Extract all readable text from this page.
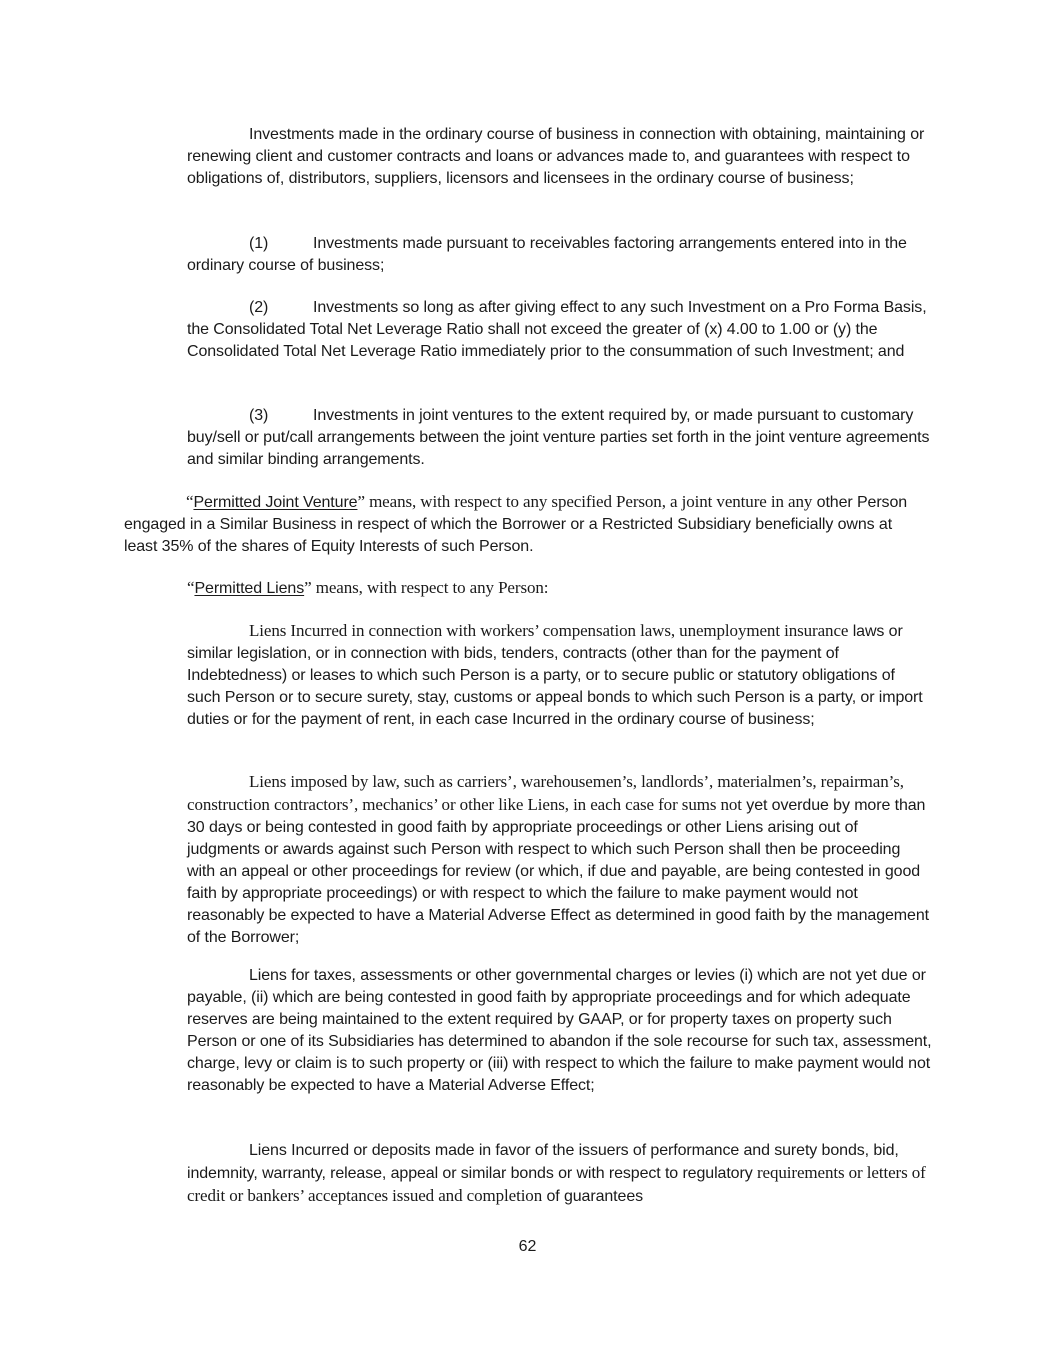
Investments made in the ordinary course of business in connection with obtaining, maintaining or renewing client and customer contracts and loans or advances made to, and guarantees with respect to obligations of, distributors, suppliers, licensors and licensees in the ordinary course of business;

(1)	Investments made pursuant to receivables factoring arrangements entered into in the ordinary course of business;

(2)	Investments so long as after giving effect to any such Investment on a Pro Forma Basis, the Consolidated Total Net Leverage Ratio shall not exceed the greater of (x) 4.00 to 1.00 or (y) the Consolidated Total Net Leverage Ratio immediately prior to the consummation of such Investment; and

(3)	Investments in joint ventures to the extent required by, or made pursuant to customary buy/sell or put/call arrangements between the joint venture parties set forth in the joint venture agreements and similar binding arrangements.

“Permitted Joint Venture” means, with respect to any specified Person, a joint venture in any other Person engaged in a Similar Business in respect of which the Borrower or a Restricted Subsidiary beneficially owns at least 35% of the shares of Equity Interests of such Person.

“Permitted Liens” means, with respect to any Person:

Liens Incurred in connection with workers’ compensation laws, unemployment insurance laws or similar legislation, or in connection with bids, tenders, contracts (other than for the payment of Indebtedness) or leases to which such Person is a party, or to secure public or statutory obligations of such Person or to secure surety, stay, customs or appeal bonds to which such Person is a party, or import duties or for the payment of rent, in each case Incurred in the ordinary course of business;

Liens imposed by law, such as carriers’, warehousemen’s, landlords’, materialmen’s, repairman’s, construction contractors’, mechanics’ or other like Liens, in each case for sums not yet overdue by more than 30 days or being contested in good faith by appropriate proceedings or other Liens arising out of judgments or awards against such Person with respect to which such Person shall then be proceeding with an appeal or other proceedings for review (or which, if due and payable, are being contested in good faith by appropriate proceedings) or with respect to which the failure to make payment would not reasonably be expected to have a Material Adverse Effect as determined in good faith by the management of the Borrower;

Liens for taxes, assessments or other governmental charges or levies (i) which are not yet due or payable, (ii) which are being contested in good faith by appropriate proceedings and for which adequate reserves are being maintained to the extent required by GAAP, or for property taxes on property such Person or one of its Subsidiaries has determined to abandon if the sole recourse for such tax, assessment, charge, levy or claim is to such property or (iii) with respect to which the failure to make payment would not reasonably be expected to have a Material Adverse Effect;

Liens Incurred or deposits made in favor of the issuers of performance and surety bonds, bid, indemnity, warranty, release, appeal or similar bonds or with respect to regulatory requirements or letters of credit or bankers’ acceptances issued and completion of guarantees

62
